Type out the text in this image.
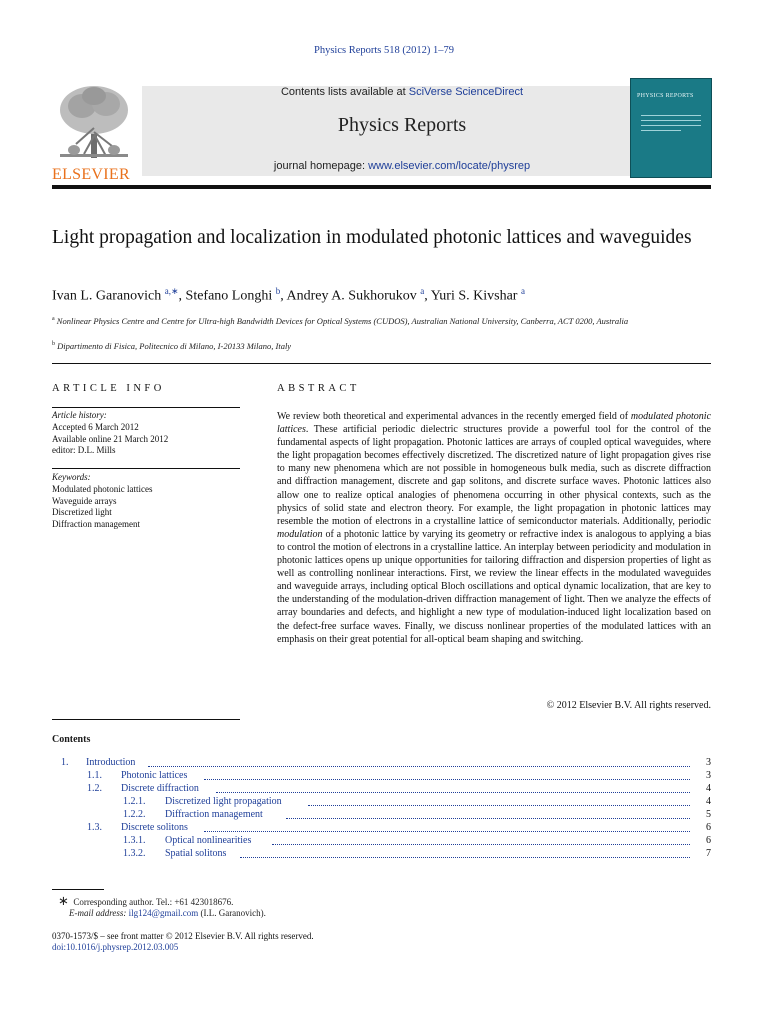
Physics Reports 518 (2012) 1–79
ELSEVIER
Contents lists available at SciVerse ScienceDirect
Physics Reports
journal homepage: www.elsevier.com/locate/physrep
PHYSICS REPORTS
Light propagation and localization in modulated photonic lattices and waveguides
Ivan L. Garanovich $^{a,∗}$, Stefano Longhi $^b$, Andrey A. Sukhorukov $^a$, Yuri S. Kivshar $^a$
$^a$ Nonlinear Physics Centre and Centre for Ultra-high Bandwidth Devices for Optical Systems (CUDOS), Australian National University, Canberra, ACT 0200, Australia
$^b$ Dipartimento di Fisica, Politecnico di Milano, I-20133 Milano, Italy
ARTICLE INFO
Article history:
Accepted 6 March 2012
Available online 21 March 2012
editor: D.L. Mills
Keywords:
Modulated photonic lattices
Waveguide arrays
Discretized light
Diffraction management
ABSTRACT
We review both theoretical and experimental advances in the recently emerged field of modulated photonic lattices. These artificial periodic dielectric structures provide a powerful tool for the control of the fundamental aspects of light propagation. Photonic lattices are arrays of coupled optical waveguides, where the light propagation becomes effectively discretized. The discretized nature of light propagation gives rise to many new phenomena which are not possible in homogeneous bulk media, such as discrete diffraction and diffraction management, discrete and gap solitons, and discrete surface waves. Photonic lattices also allow one to realize optical analogies of phenomena occurring in other physical contexts, such as the physics of solid state and electron theory. For example, the light propagation in photonic lattices may resemble the motion of electrons in a crystalline lattice of semiconductor materials. Additionally, periodic modulation of a photonic lattice by varying its geometry or refractive index is analogous to applying a bias to control the motion of electrons in a crystalline lattice. An interplay between periodicity and modulation in photonic lattices opens up unique opportunities for tailoring diffraction and dispersion properties of light as well as controlling nonlinear interactions. First, we review the linear effects in the modulated waveguides and waveguide arrays, including optical Bloch oscillations and optical dynamic localization, that are key to the understanding of the modulation-driven diffraction management of light. Then we analyze the effects of array boundaries and defects, and highlight a new type of modulation-induced light localization based on the defect-free surface waves. Finally, we discuss nonlinear properties of the modulated lattices with an emphasis on their great potential for all-optical beam shaping and switching.
© 2012 Elsevier B.V. All rights reserved.
Contents
1. Introduction	3
1.1. Photonic lattices	3
1.2. Discrete diffraction	4
1.2.1. Discretized light propagation	4
1.2.2. Diffraction management	5
1.3. Discrete solitons	6
1.3.1. Optical nonlinearities	6
1.3.2. Spatial solitons	7
∗ Corresponding author. Tel.: +61 423018676.
E-mail address: ilg124@gmail.com (I.L. Garanovich).
0370-1573/$ – see front matter © 2012 Elsevier B.V. All rights reserved.
doi:10.1016/j.physrep.2012.03.005
